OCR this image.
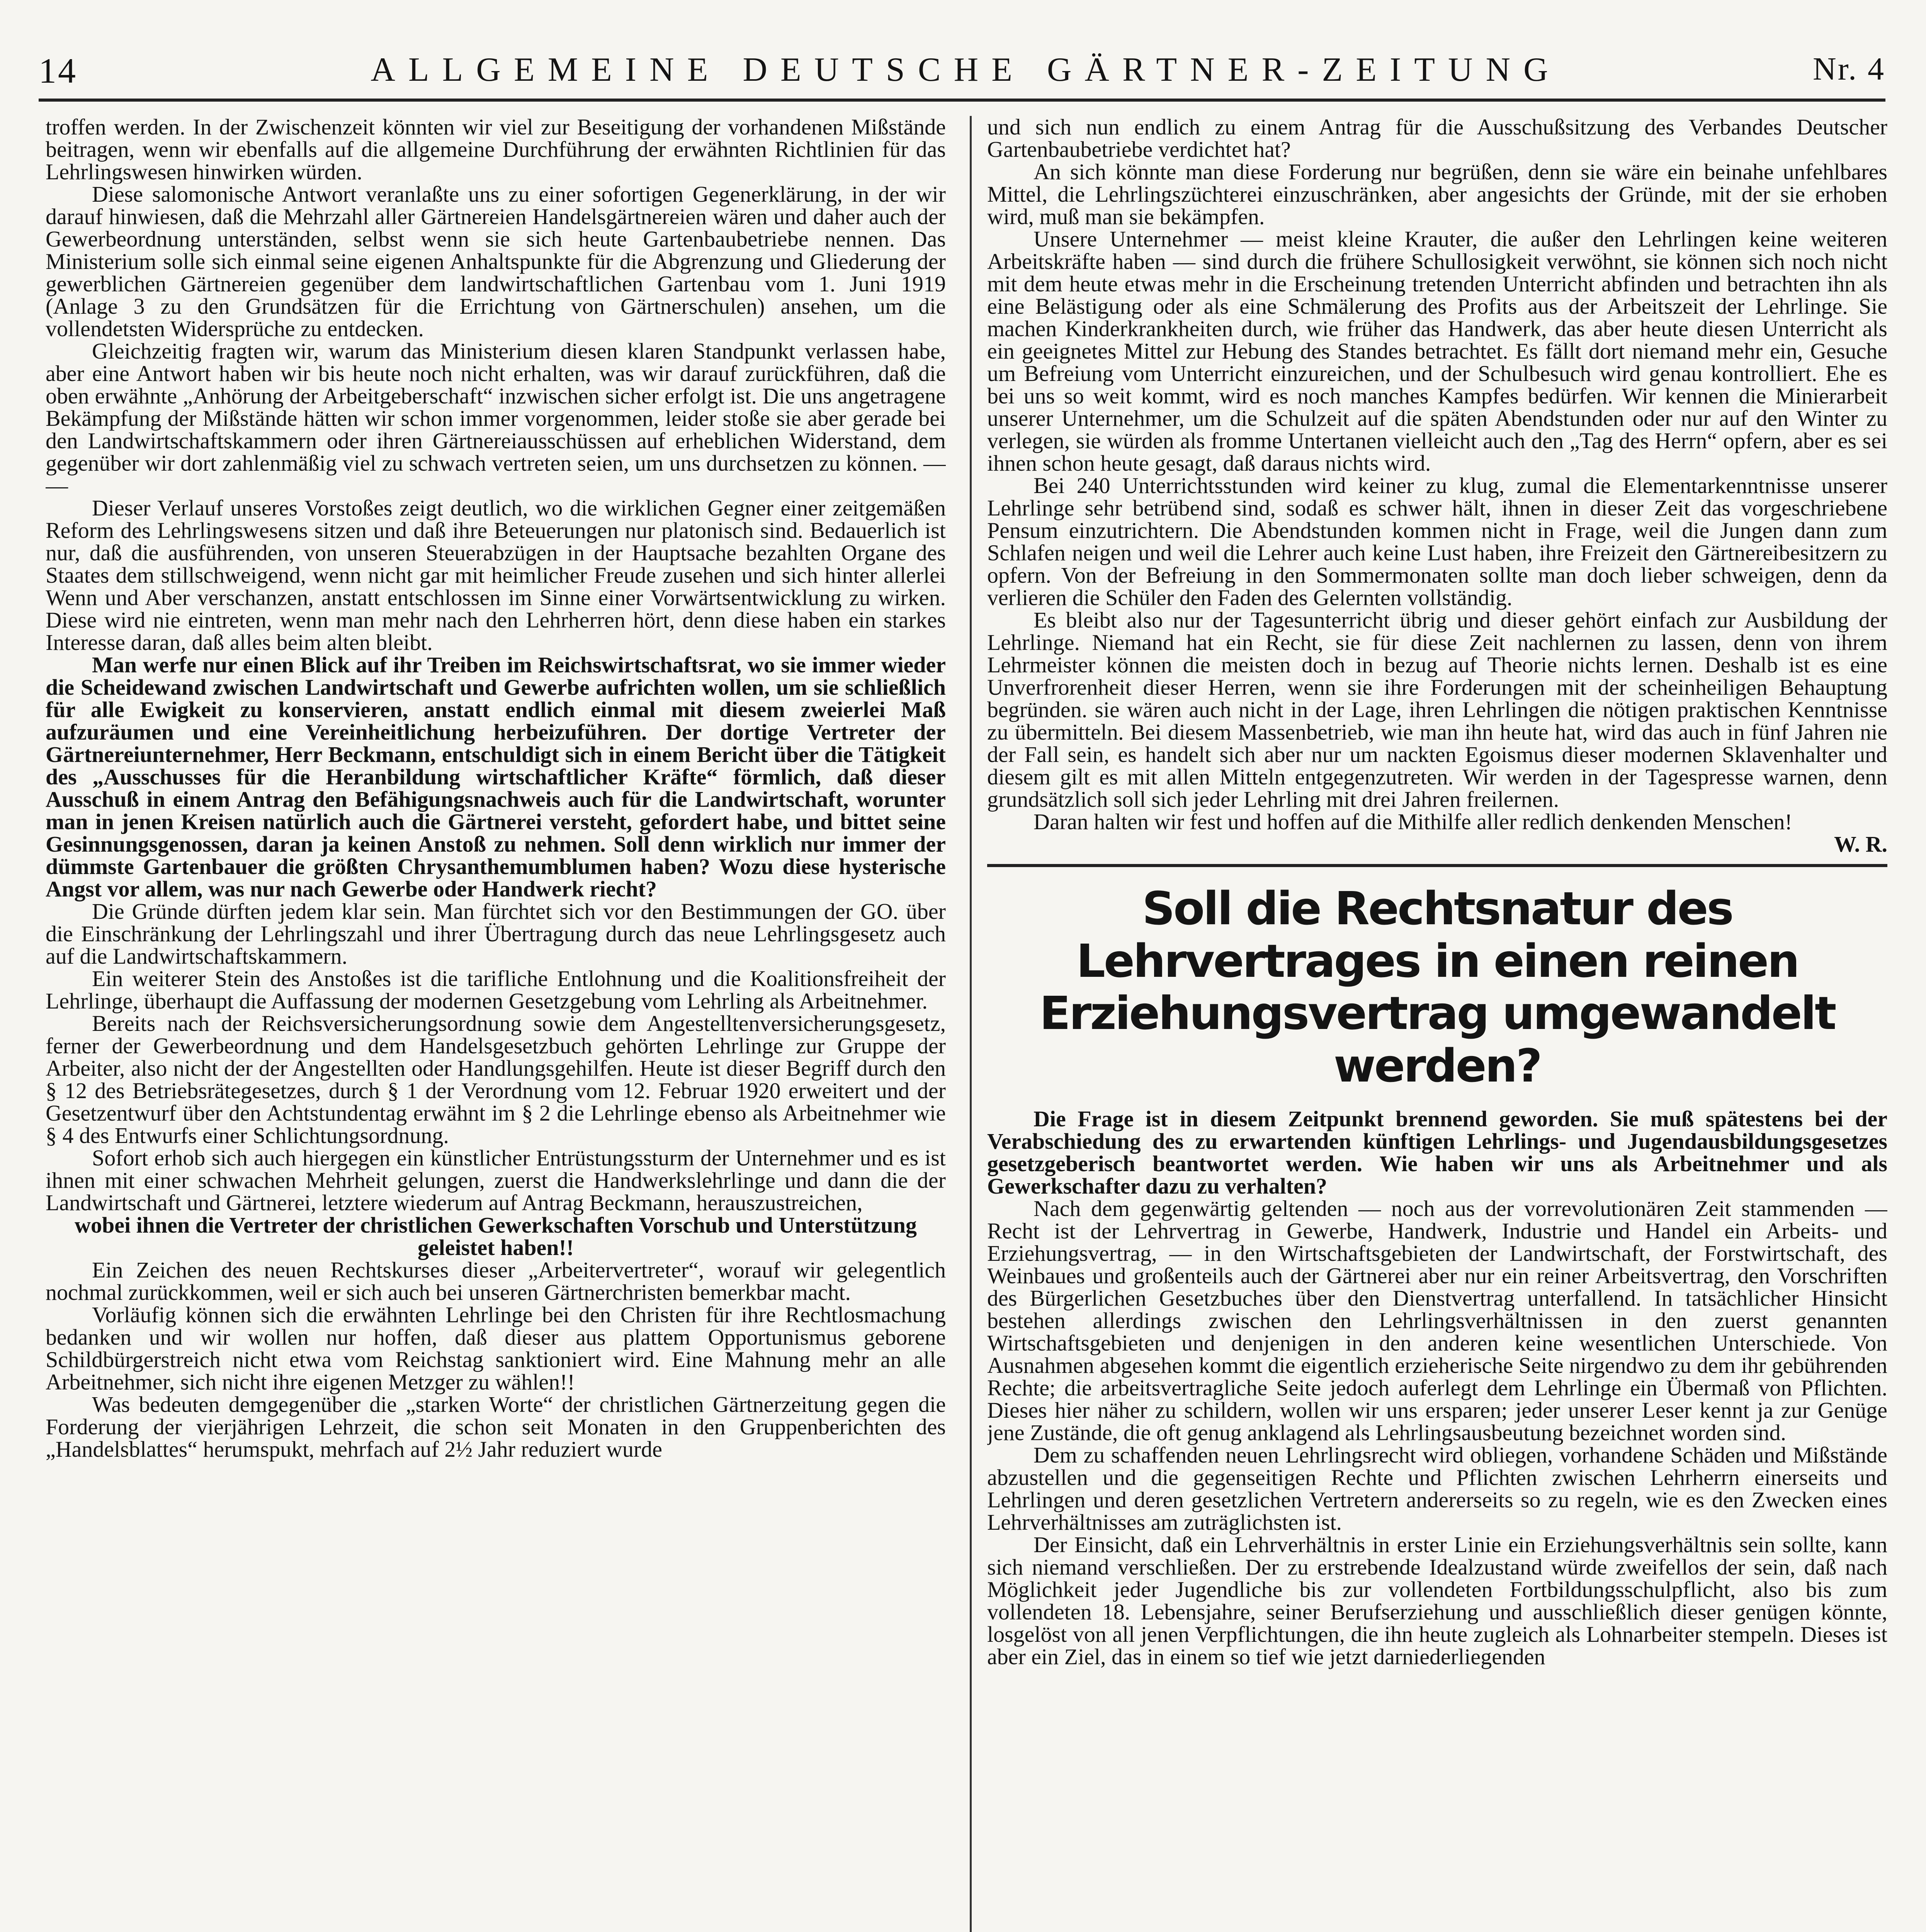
14	ALLGEMEINE DEUTSCHE GÄRTNER-ZEITUNG	Nr. 4

troffen werden. In der Zwischenzeit könnten wir viel zur Beseitigung der vorhandenen Mißstände beitragen, wenn wir ebenfalls auf die allgemeine Durchführung der erwähnten Richtlinien für das Lehrlingswesen hinwirken würden.

Diese salomonische Antwort veranlaßte uns zu einer sofortigen Gegenerklärung, in der wir darauf hinwiesen, daß die Mehrzahl aller Gärtnereien Handelsgärtnereien wären und daher auch der Gewerbeordnung unterständen, selbst wenn sie sich heute Gartenbaubetriebe nennen. Das Ministerium solle sich einmal seine eigenen Anhaltspunkte für die Abgrenzung und Gliederung der gewerblichen Gärtnereien gegenüber dem landwirtschaftlichen Gartenbau vom 1. Juni 1919 (Anlage 3 zu den Grundsätzen für die Errichtung von Gärtnerschulen) ansehen, um die vollendetsten Widersprüche zu entdecken.

Gleichzeitig fragten wir, warum das Ministerium diesen klaren Standpunkt verlassen habe, aber eine Antwort haben wir bis heute noch nicht erhalten, was wir darauf zurückführen, daß die oben erwähnte „Anhörung der Arbeitgeberschaft“ inzwischen sicher erfolgt ist. Die uns angetragene Bekämpfung der Mißstände hätten wir schon immer vorgenommen, leider stoße sie aber gerade bei den Landwirtschaftskammern oder ihren Gärtnereiausschüssen auf erheblichen Widerstand, dem gegenüber wir dort zahlenmäßig viel zu schwach vertreten seien, um uns durchsetzen zu können. — —

Dieser Verlauf unseres Vorstoßes zeigt deutlich, wo die wirklichen Gegner einer zeitgemäßen Reform des Lehrlingswesens sitzen und daß ihre Beteuerungen nur platonisch sind. Bedauerlich ist nur, daß die ausführenden, von unseren Steuerabzügen in der Hauptsache bezahlten Organe des Staates dem stillschweigend, wenn nicht gar mit heimlicher Freude zusehen und sich hinter allerlei Wenn und Aber verschanzen, anstatt entschlossen im Sinne einer Vorwärtsentwicklung zu wirken. Diese wird nie eintreten, wenn man mehr nach den Lehrherren hört, denn diese haben ein starkes Interesse daran, daß alles beim alten bleibt.

Man werfe nur einen Blick auf ihr Treiben im Reichswirtschaftsrat, wo sie immer wieder die Scheidewand zwischen Landwirtschaft und Gewerbe aufrichten wollen, um sie schließlich für alle Ewigkeit zu konservieren, anstatt endlich einmal mit diesem zweierlei Maß aufzuräumen und eine Vereinheitlichung herbeizuführen. Der dortige Vertreter der Gärtnereiunternehmer, Herr Beckmann, entschuldigt sich in einem Bericht über die Tätigkeit des „Ausschusses für die Heranbildung wirtschaftlicher Kräfte“ förmlich, daß dieser Ausschuß in einem Antrag den Befähigungsnachweis auch für die Landwirtschaft, worunter man in jenen Kreisen natürlich auch die Gärtnerei versteht, gefordert habe, und bittet seine Gesinnungsgenossen, daran ja keinen Anstoß zu nehmen. Soll denn wirklich nur immer der dümmste Gartenbauer die größten Chrysanthemumblumen haben? Wozu diese hysterische Angst vor allem, was nur nach Gewerbe oder Handwerk riecht?

Die Gründe dürften jedem klar sein. Man fürchtet sich vor den Bestimmungen der GO. über die Einschränkung der Lehrlingszahl und ihrer Übertragung durch das neue Lehrlingsgesetz auch auf die Landwirtschaftskammern.

Ein weiterer Stein des Anstoßes ist die tarifliche Entlohnung und die Koalitionsfreiheit der Lehrlinge, überhaupt die Auffassung der modernen Gesetzgebung vom Lehrling als Arbeitnehmer.

Bereits nach der Reichsversicherungsordnung sowie dem Angestelltenversicherungsgesetz, ferner der Gewerbeordnung und dem Handelsgesetzbuch gehörten Lehrlinge zur Gruppe der Arbeiter, also nicht der der Angestellten oder Handlungsgehilfen. Heute ist dieser Begriff durch den § 12 des Betriebsrätegesetzes, durch § 1 der Verordnung vom 12. Februar 1920 erweitert und der Gesetzentwurf über den Achtstundentag erwähnt im § 2 die Lehrlinge ebenso als Arbeitnehmer wie § 4 des Entwurfs einer Schlichtungsordnung.

Sofort erhob sich auch hiergegen ein künstlicher Entrüstungssturm der Unternehmer und es ist ihnen mit einer schwachen Mehrheit gelungen, zuerst die Handwerkslehrlinge und dann die der Landwirtschaft und Gärtnerei, letztere wiederum auf Antrag Beckmann, herauszustreichen,

wobei ihnen die Vertreter der christlichen Gewerkschaften Vorschub und Unterstützung geleistet haben!!

Ein Zeichen des neuen Rechtskurses dieser „Arbeitervertreter“, worauf wir gelegentlich nochmal zurückkommen, weil er sich auch bei unseren Gärtnerchristen bemerkbar macht.

Vorläufig können sich die erwähnten Lehrlinge bei den Christen für ihre Rechtlosmachung bedanken und wir wollen nur hoffen, daß dieser aus plattem Opportunismus geborene Schildbürgerstreich nicht etwa vom Reichstag sanktioniert wird. Eine Mahnung mehr an alle Arbeitnehmer, sich nicht ihre eigenen Metzger zu wählen!!

Was bedeuten demgegenüber die „starken Worte“ der christlichen Gärtnerzeitung gegen die Forderung der vierjährigen Lehrzeit, die schon seit Monaten in den Gruppenberichten des „Handelsblattes“ herumspukt, mehrfach auf 2½ Jahr reduziert wurde

und sich nun endlich zu einem Antrag für die Ausschußsitzung des Verbandes Deutscher Gartenbaubetriebe verdichtet hat?

An sich könnte man diese Forderung nur begrüßen, denn sie wäre ein beinahe unfehlbares Mittel, die Lehrlingszüchterei einzuschränken, aber angesichts der Gründe, mit der sie erhoben wird, muß man sie bekämpfen.

Unsere Unternehmer — meist kleine Krauter, die außer den Lehrlingen keine weiteren Arbeitskräfte haben — sind durch die frühere Schullosigkeit verwöhnt, sie können sich noch nicht mit dem heute etwas mehr in die Erscheinung tretenden Unterricht abfinden und betrachten ihn als eine Belästigung oder als eine Schmälerung des Profits aus der Arbeitszeit der Lehrlinge. Sie machen Kinderkrankheiten durch, wie früher das Handwerk, das aber heute diesen Unterricht als ein geeignetes Mittel zur Hebung des Standes betrachtet. Es fällt dort niemand mehr ein, Gesuche um Befreiung vom Unterricht einzureichen, und der Schulbesuch wird genau kontrolliert. Ehe es bei uns so weit kommt, wird es noch manches Kampfes bedürfen. Wir kennen die Minierarbeit unserer Unternehmer, um die Schulzeit auf die späten Abendstunden oder nur auf den Winter zu verlegen, sie würden als fromme Untertanen vielleicht auch den „Tag des Herrn“ opfern, aber es sei ihnen schon heute gesagt, daß daraus nichts wird.

Bei 240 Unterrichtsstunden wird keiner zu klug, zumal die Elementarkenntnisse unserer Lehrlinge sehr betrübend sind, sodaß es schwer hält, ihnen in dieser Zeit das vorgeschriebene Pensum einzutrichtern. Die Abendstunden kommen nicht in Frage, weil die Jungen dann zum Schlafen neigen und weil die Lehrer auch keine Lust haben, ihre Freizeit den Gärtnereibesitzern zu opfern. Von der Befreiung in den Sommermonaten sollte man doch lieber schweigen, denn da verlieren die Schüler den Faden des Gelernten vollständig.

Es bleibt also nur der Tagesunterricht übrig und dieser gehört einfach zur Ausbildung der Lehrlinge. Niemand hat ein Recht, sie für diese Zeit nachlernen zu lassen, denn von ihrem Lehrmeister können die meisten doch in bezug auf Theorie nichts lernen. Deshalb ist es eine Unverfrorenheit dieser Herren, wenn sie ihre Forderungen mit der scheinheiligen Behauptung begründen. sie wären auch nicht in der Lage, ihren Lehrlingen die nötigen praktischen Kenntnisse zu übermitteln. Bei diesem Massenbetrieb, wie man ihn heute hat, wird das auch in fünf Jahren nie der Fall sein, es handelt sich aber nur um nackten Egoismus dieser modernen Sklavenhalter und diesem gilt es mit allen Mitteln entgegenzutreten. Wir werden in der Tagespresse warnen, denn grundsätzlich soll sich jeder Lehrling mit drei Jahren freilernen.

Daran halten wir fest und hoffen auf die Mithilfe aller redlich denkenden Menschen!
W. R.

Soll die Rechtsnatur des Lehrvertrages in einen reinen
Erziehungsvertrag umgewandelt werden?

Die Frage ist in diesem Zeitpunkt brennend geworden. Sie muß spätestens bei der Verabschiedung des zu erwartenden künftigen Lehrlings- und Jugendausbildungsgesetzes gesetzgeberisch beantwortet werden. Wie haben wir uns als Arbeitnehmer und als Gewerkschafter dazu zu verhalten?

Nach dem gegenwärtig geltenden — noch aus der vorrevolutionären Zeit stammenden — Recht ist der Lehrvertrag in Gewerbe, Handwerk, Industrie und Handel ein Arbeits- und Erziehungsvertrag, — in den Wirtschaftsgebieten der Landwirtschaft, der Forstwirtschaft, des Weinbaues und großenteils auch der Gärtnerei aber nur ein reiner Arbeitsvertrag, den Vorschriften des Bürgerlichen Gesetzbuches über den Dienstvertrag unterfallend. In tatsächlicher Hinsicht bestehen allerdings zwischen den Lehrlingsverhältnissen in den zuerst genannten Wirtschaftsgebieten und denjenigen in den anderen keine wesentlichen Unterschiede. Von Ausnahmen abgesehen kommt die eigentlich erzieherische Seite nirgendwo zu dem ihr gebührenden Rechte; die arbeitsvertragliche Seite jedoch auferlegt dem Lehrlinge ein Übermaß von Pflichten. Dieses hier näher zu schildern, wollen wir uns ersparen; jeder unserer Leser kennt ja zur Genüge jene Zustände, die oft genug anklagend als Lehrlingsausbeutung bezeichnet worden sind.

Dem zu schaffenden neuen Lehrlingsrecht wird obliegen, vorhandene Schäden und Mißstände abzustellen und die gegenseitigen Rechte und Pflichten zwischen Lehrherrn einerseits und Lehrlingen und deren gesetzlichen Vertretern andererseits so zu regeln, wie es den Zwecken eines Lehrverhältnisses am zuträglichsten ist.

Der Einsicht, daß ein Lehrverhältnis in erster Linie ein Erziehungsverhältnis sein sollte, kann sich niemand verschließen. Der zu erstrebende Idealzustand würde zweifellos der sein, daß nach Möglichkeit jeder Jugendliche bis zur vollendeten Fortbildungsschulpflicht, also bis zum vollendeten 18. Lebensjahre, seiner Berufserziehung und ausschließlich dieser genügen könnte, losgelöst von all jenen Verpflichtungen, die ihn heute zugleich als Lohnarbeiter stempeln. Dieses ist aber ein Ziel, das in einem so tief wie jetzt darniederliegenden
